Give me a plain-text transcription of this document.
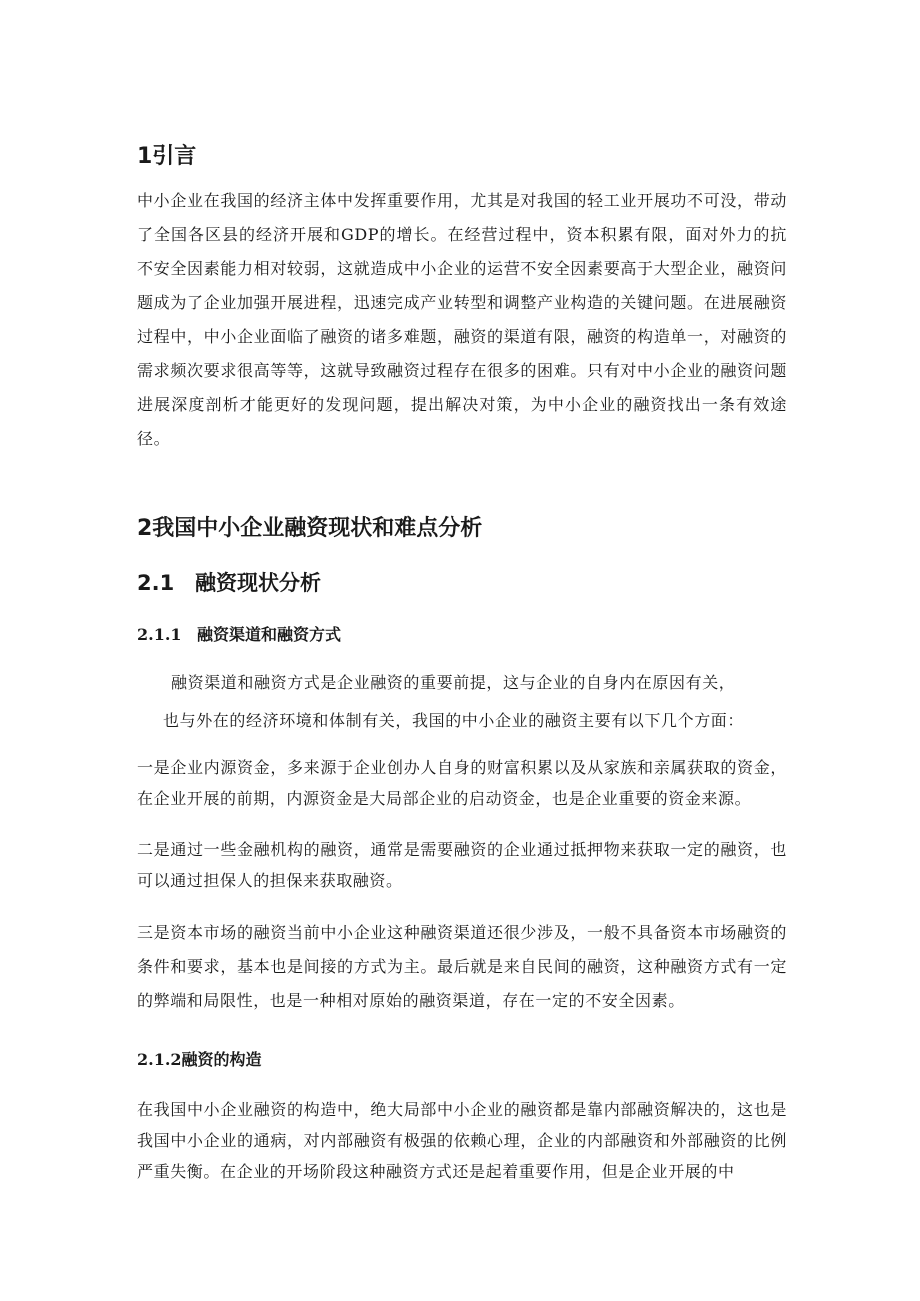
1引言

中小企业在我国的经济主体中发挥重要作用，尤其是对我国的轻工业开展功不可没，带动了全国各区县的经济开展和GDP的增长。在经营过程中，资本积累有限，面对外力的抗不安全因素能力相对较弱，这就造成中小企业的运营不安全因素要高于大型企业，融资问题成为了企业加强开展进程，迅速完成产业转型和调整产业构造的关键问题。在进展融资过程中，中小企业面临了融资的诸多难题，融资的渠道有限，融资的构造单一，对融资的需求频次要求很高等等，这就导致融资过程存在很多的困难。只有对中小企业的融资问题进展深度剖析才能更好的发现问题，提出解决对策，为中小企业的融资找出一条有效途径。

2我国中小企业融资现状和难点分析
2.1 融资现状分析
2.1.1 融资渠道和融资方式

融资渠道和融资方式是企业融资的重要前提，这与企业的自身内在原因有关，

也与外在的经济环境和体制有关，我国的中小企业的融资主要有以下几个方面：

一是企业内源资金，多来源于企业创办人自身的财富积累以及从家族和亲属获取的资金，在企业开展的前期，内源资金是大局部企业的启动资金，也是企业重要的资金来源。

二是通过一些金融机构的融资，通常是需要融资的企业通过抵押物来获取一定的融资，也可以通过担保人的担保来获取融资。

三是资本市场的融资当前中小企业这种融资渠道还很少涉及，一般不具备资本市场融资的条件和要求，基本也是间接的方式为主。最后就是来自民间的融资，这种融资方式有一定的弊端和局限性，也是一种相对原始的融资渠道，存在一定的不安全因素。

2.1.2融资的构造

在我国中小企业融资的构造中，绝大局部中小企业的融资都是靠内部融资解决的，这也是我国中小企业的通病，对内部融资有极强的依赖心理，企业的内部融资和外部融资的比例严重失衡。在企业的开场阶段这种融资方式还是起着重要作用，但是企业开展的中
